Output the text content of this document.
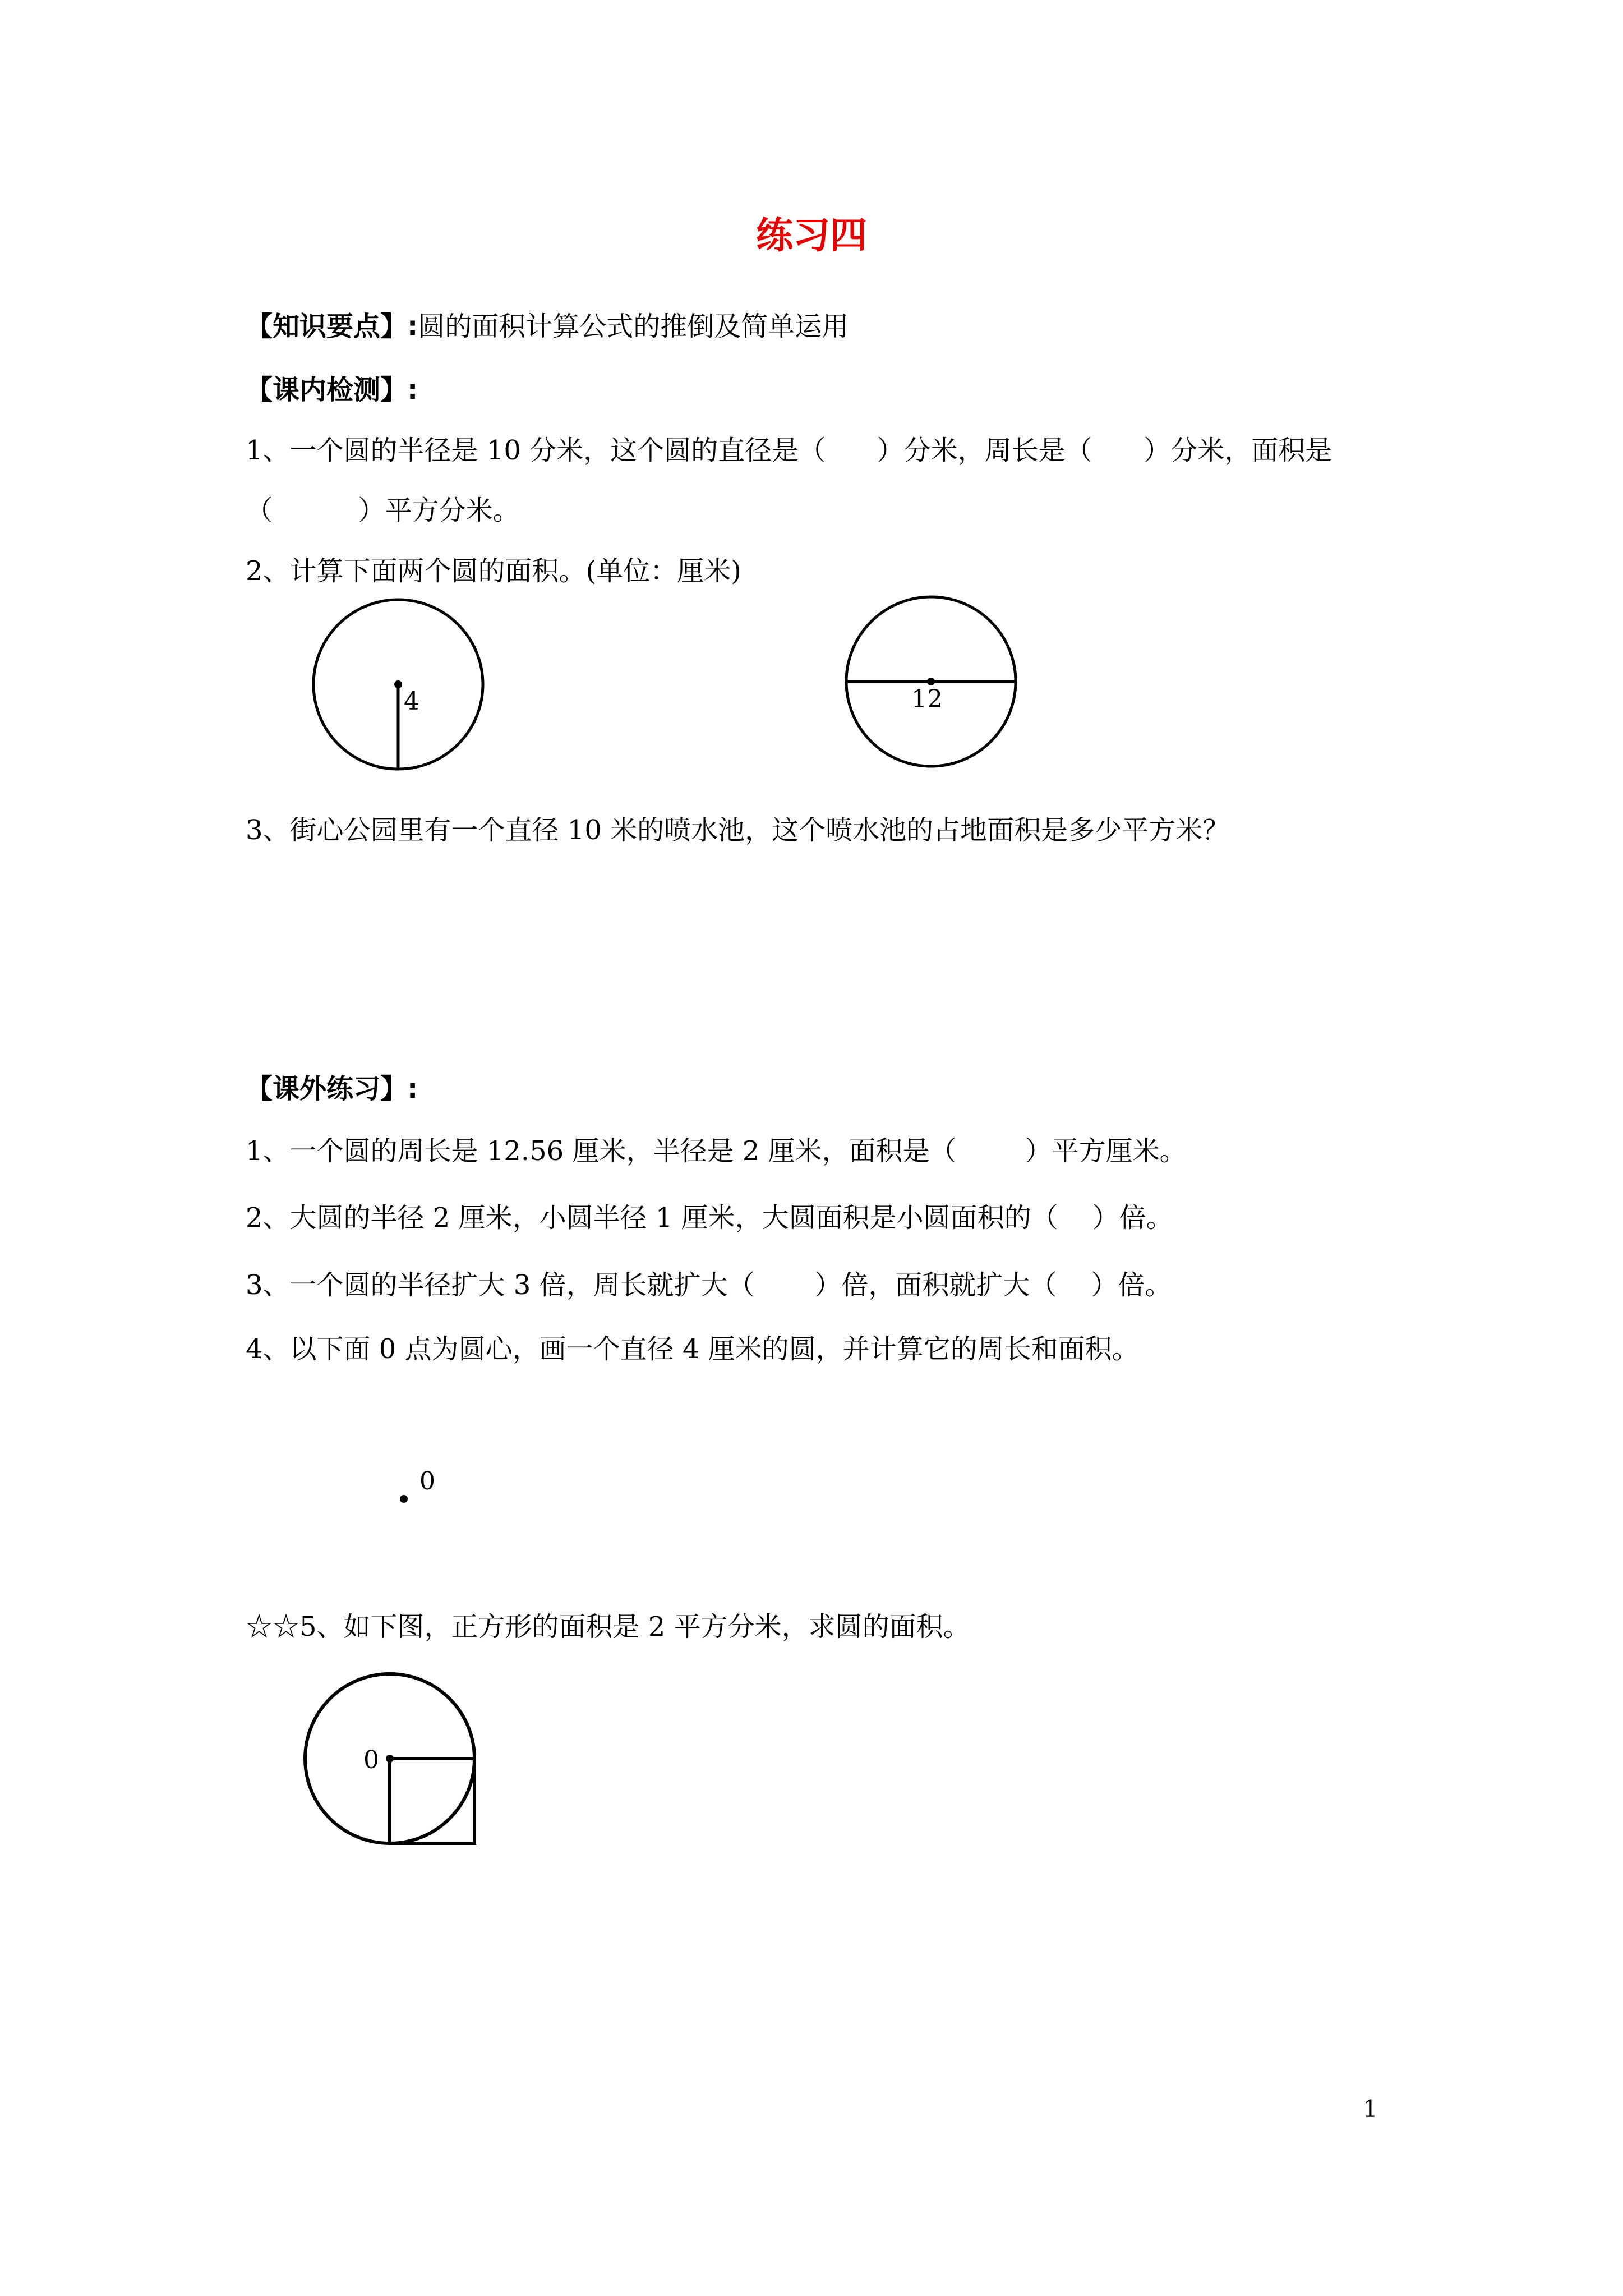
练习四
【知识要点】:圆的面积计算公式的推倒及简单运用
【课内检测】:
1、一个圆的半径是 10 分米，这个圆的直径是（      ）分米，周长是（      ）分米，面积是
（          ）平方分米。
2、计算下面两个圆的面积。(单位：厘米)
4	12
3、街心公园里有一个直径 10 米的喷水池，这个喷水池的占地面积是多少平方米？
【课外练习】:
1、一个圆的周长是 12.56 厘米，半径是 2 厘米，面积是（        ）平方厘米。
2、大圆的半径 2 厘米，小圆半径 1 厘米，大圆面积是小圆面积的（    ）倍。
3、一个圆的半径扩大 3 倍，周长就扩大（       ）倍，面积就扩大（    ）倍。
4、以下面 0 点为圆心，画一个直径 4 厘米的圆，并计算它的周长和面积。
0
☆☆5、如下图，正方形的面积是 2 平方分米，求圆的面积。
0
1
